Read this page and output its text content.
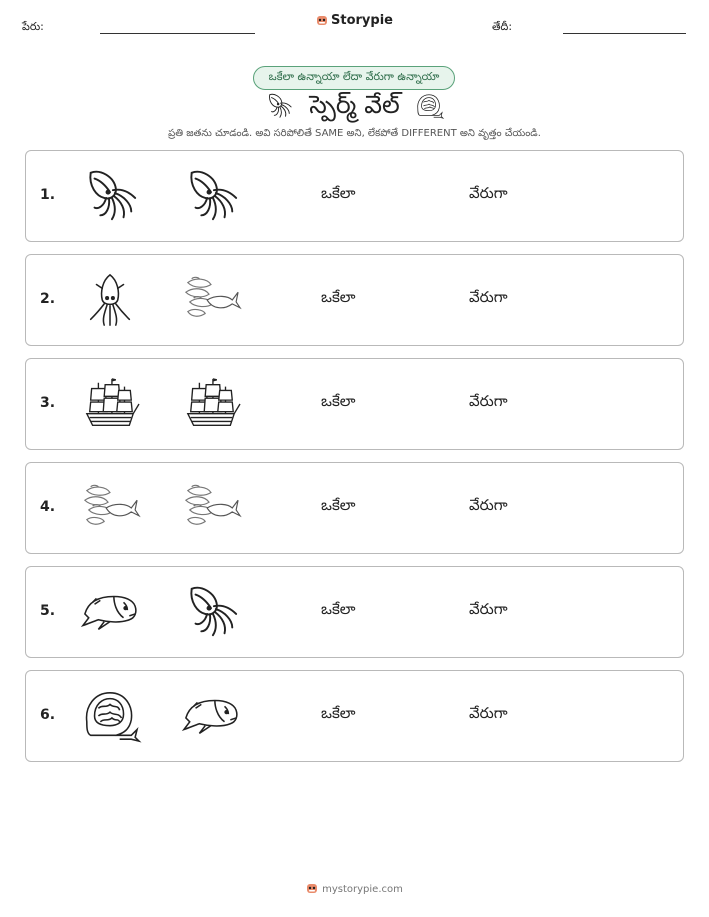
పేరు:	Storypie	తేదీ:
ఒకేలా ఉన్నాయా లేదా వేరుగా ఉన్నాయా
స్పెర్మ్ వేల్
ప్రతి జతను చూడండి. అవి సరిపోలితే SAME అని, లేకపోతే DIFFERENT అని వృత్తం చేయండి.
1.	ఒకేలా	వేరుగా
2.	ఒకేలా	వేరుగా
3.	ఒకేలా	వేరుగా
4.	ఒకేలా	వేరుగా
5.	ఒకేలా	వేరుగా
6.	ఒకేలా	వేరుగా
mystorypie.com
